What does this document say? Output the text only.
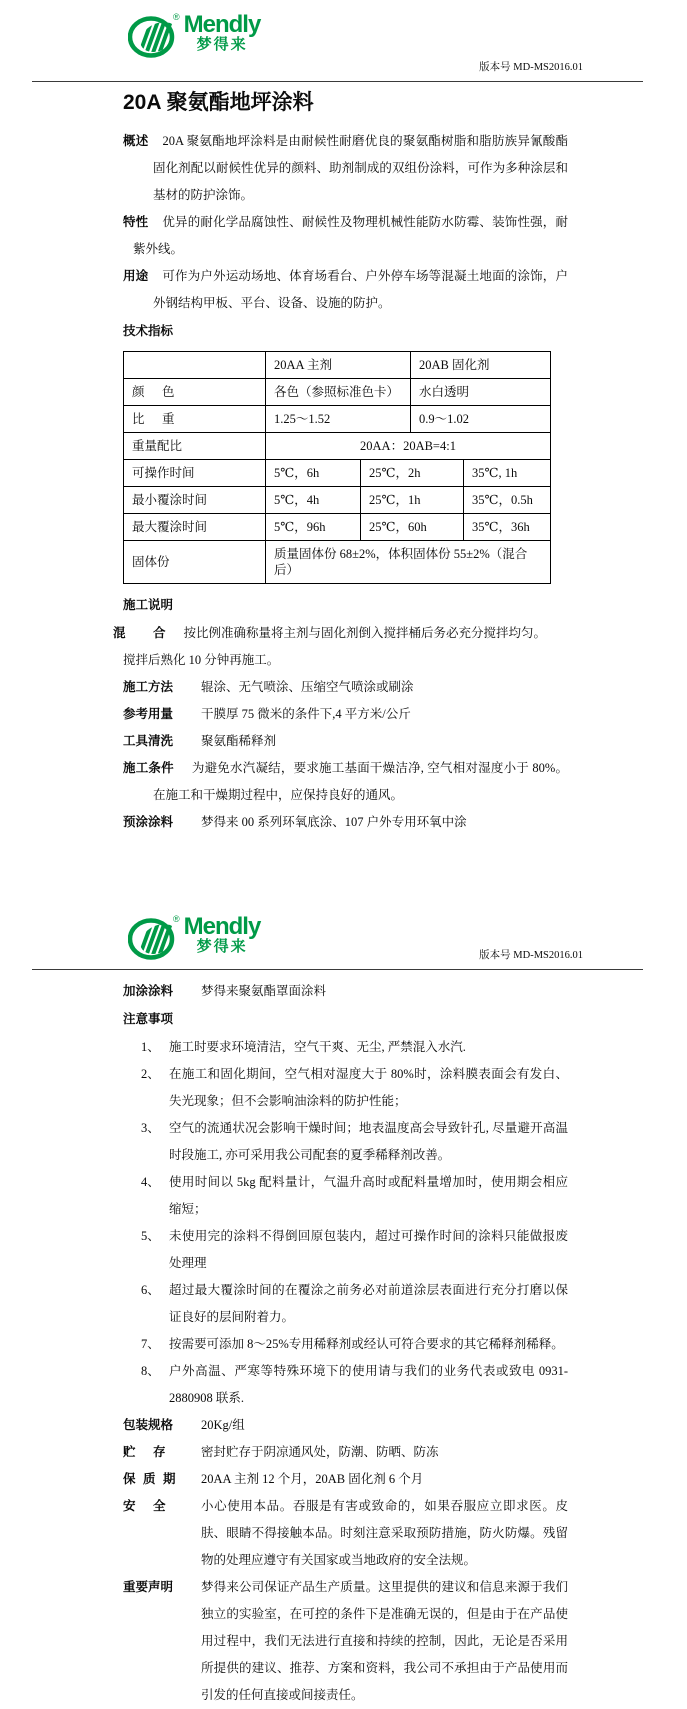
® Mendly
梦得来
版本号 MD-MS2016.01
20A 聚氨酯地坪涂料

概述 20A 聚氨酯地坪涂料是由耐候性耐磨优良的聚氨酯树脂和脂肪族异氰酸酯固化剂配以耐候性优异的颜料、助剂制成的双组份涂料，可作为多种涂层和基材的防护涂饰。

特性 优异的耐化学品腐蚀性、耐候性及物理机械性能防水防霉、装饰性强，耐紫外线。

用途 可作为户外运动场地、体育场看台、户外停车场等混凝土地面的涂饰，户外钢结构甲板、平台、设备、设施的防护。

技术指标
	20AA 主剂		20AB 固化剂	
颜色	各色（参照标准色卡）		水白透明	
比重	1.25～1.52		0.9～1.02	
重量配比	20AA：20AB=4:1			
可操作时间	5℃，6h	25℃，2h		35℃, 1h
最小覆涂时间	5℃，4h	25℃，1h		35℃，0.5h
最大覆涂时间	5℃，96h	25℃，60h		35℃，36h
固体份	质量固体份 68±2%，体积固体份 55±2%（混合后）			
施工说明

混合 按比例准确称量将主剂与固化剂倒入搅拌桶后务必充分搅拌均匀。

搅拌后熟化 10 分钟再施工。

施工方法	辊涂、无气喷涂、压缩空气喷涂或刷涂
参考用量	干膜厚 75 微米的条件下,4 平方米/公斤
工具清洗	聚氨酯稀释剂

施工条件 为避免水汽凝结，要求施工基面干燥洁净, 空气相对湿度小于 80%。在施工和干燥期过程中，应保持良好的通风。

预涂涂料	梦得来 00 系列环氧底涂、107 户外专用环氧中涂
® Mendly
梦得来
版本号 MD-MS2016.01
加涂涂料	梦得来聚氨酯罩面涂料
注意事项
1、 施工时要求环境清洁，空气干爽、无尘, 严禁混入水汽.
2、 在施工和固化期间，空气相对湿度大于 80%时，涂料膜表面会有发白、失光现象；但不会影响油涂料的防护性能；
3、 空气的流通状况会影响干燥时间；地表温度高会导致针孔, 尽量避开高温时段施工, 亦可采用我公司配套的夏季稀释剂改善。
4、 使用时间以 5kg 配料量计，气温升高时或配料量增加时，使用期会相应缩短；
5、 未使用完的涂料不得倒回原包装内，超过可操作时间的涂料只能做报废处理理
6、 超过最大覆涂时间的在覆涂之前务必对前道涂层表面进行充分打磨以保证良好的层间附着力。
7、 按需要可添加 8～25%专用稀释剂或经认可符合要求的其它稀释剂稀释。
8、 户外高温、严寒等特殊环境下的使用请与我们的业务代表或致电 0931-2880908 联系.
包装规格	20Kg/组
贮存	密封贮存于阴凉通风处，防潮、防晒、防冻
保质期	20AA 主剂 12 个月，20AB 固化剂 6 个月
安全	小心使用本品。吞服是有害或致命的，如果吞服应立即求医。皮肤、眼睛不得接触本品。时刻注意采取预防措施，防火防爆。残留物的处理应遵守有关国家或当地政府的安全法规。
重要声明	梦得来公司保证产品生产质量。这里提供的建议和信息来源于我们独立的实验室，在可控的条件下是准确无误的，但是由于在产品使用过程中，我们无法进行直接和持续的控制，因此，无论是否采用所提供的建议、推荐、方案和资料，我公司不承担由于产品使用而引发的任何直接或间接责任。
